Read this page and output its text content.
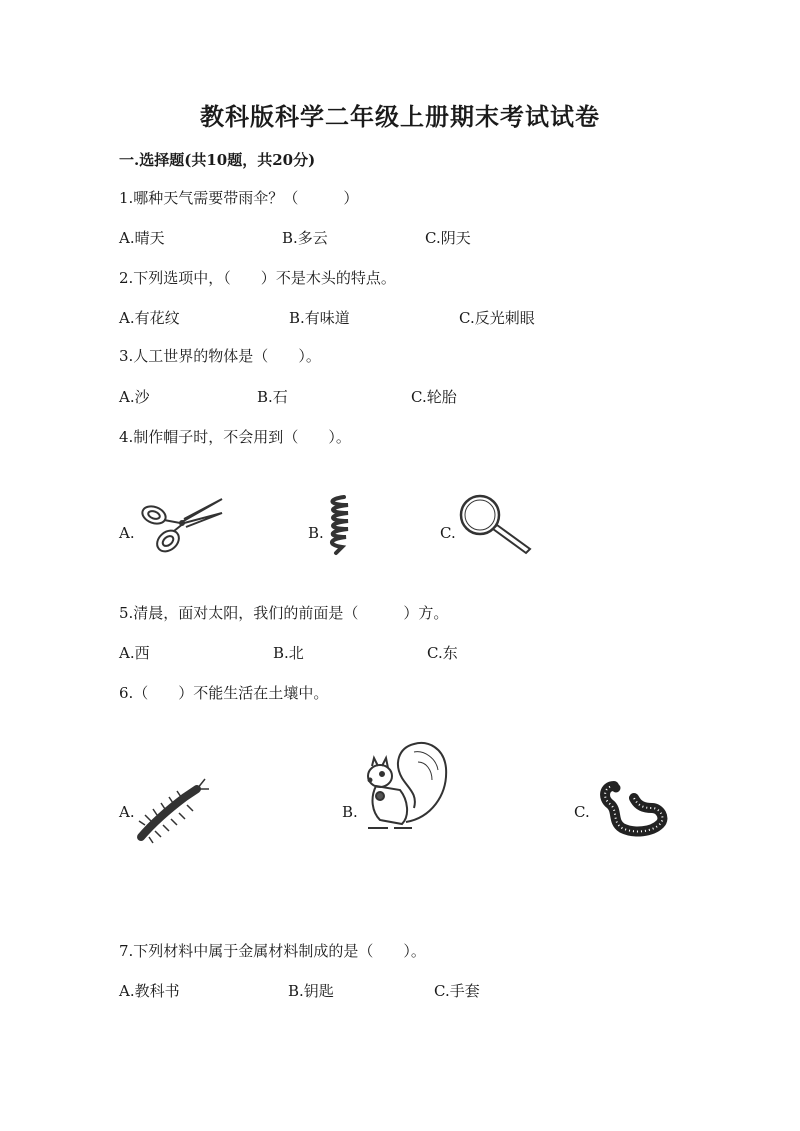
教科版科学二年级上册期末考试试卷
一.选择题(共10题，共20分)
1.哪种天气需要带雨伞？（　　　）
A.晴天	B.多云	C.阴天
2.下列选项中，（　　）不是木头的特点。
A.有花纹	B.有味道	C.反光刺眼
3.人工世界的物体是（　　）。
A.沙	B.石	C.轮胎
4.制作帽子时，不会用到（　　）。
A.	B.	C.
5.清晨，面对太阳，我们的前面是（　　　）方。
A.西	B.北	C.东
6.（　　）不能生活在土壤中。
A.	B.	C.
7.下列材料中属于金属材料制成的是（　　）。
A.教科书	B.钥匙	C.手套
